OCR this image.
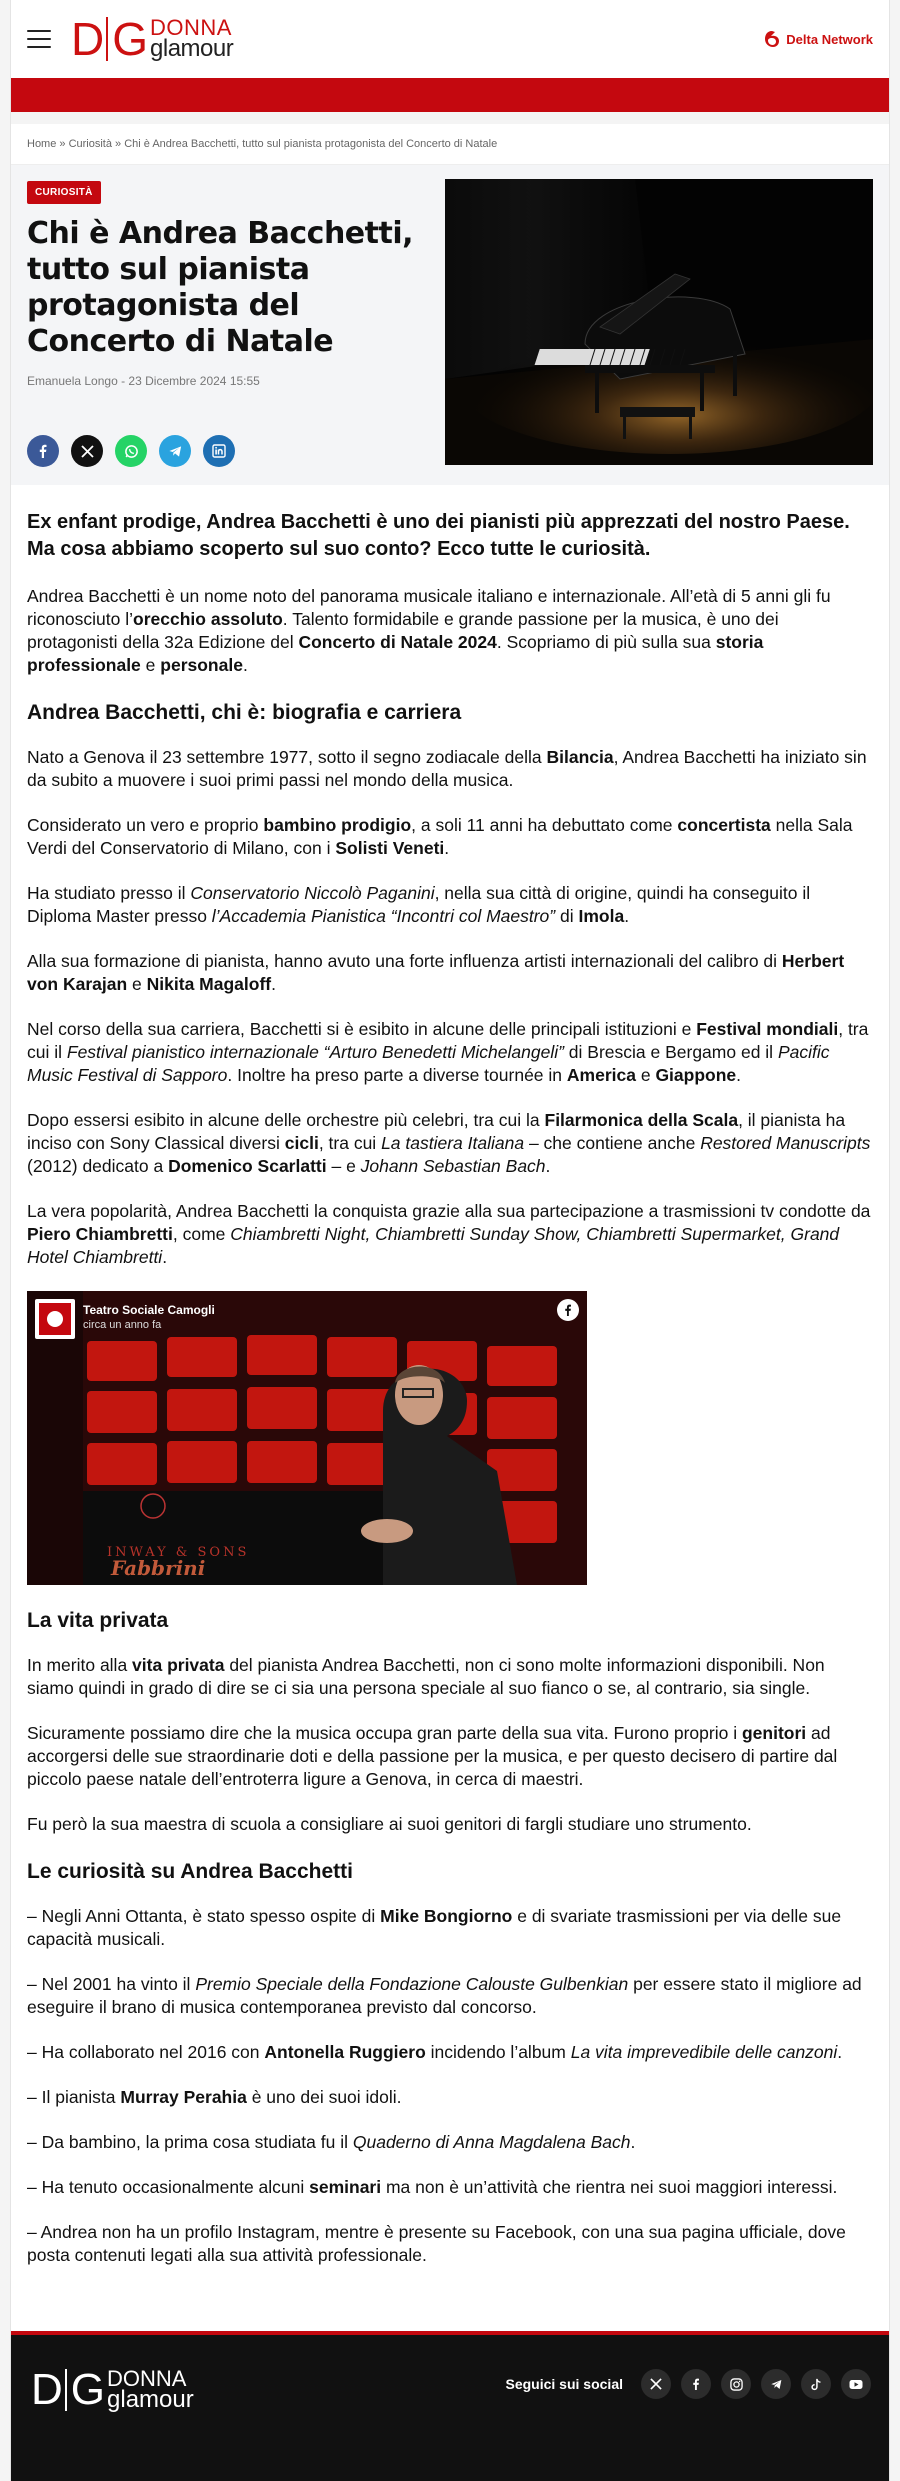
D G DONNA
glamour	Delta Network
Home » Curiosità » Chi è Andrea Bacchetti, tutto sul pianista protagonista del Concerto di Natale
CURIOSITÀ
Chi è Andrea Bacchetti, tutto sul pianista protagonista del Concerto di Natale
Emanuela Longo - 23 Dicembre 2024 15:55

Ex enfant prodige, Andrea Bacchetti è uno dei pianisti più apprezzati del nostro Paese. Ma cosa abbiamo scoperto sul suo conto? Ecco tutte le curiosità.

Andrea Bacchetti è un nome noto del panorama musicale italiano e internazionale. All’età di 5 anni gli fu riconosciuto l’orecchio assoluto. Talento formidabile e grande passione per la musica, è uno dei protagonisti della 32a Edizione del Concerto di Natale 2024. Scopriamo di più sulla sua storia professionale e personale.

Andrea Bacchetti, chi è: biografia e carriera

Nato a Genova il 23 settembre 1977, sotto il segno zodiacale della Bilancia, Andrea Bacchetti ha iniziato sin da subito a muovere i suoi primi passi nel mondo della musica.

Considerato un vero e proprio bambino prodigio, a soli 11 anni ha debuttato come concertista nella Sala Verdi del Conservatorio di Milano, con i Solisti Veneti.

Ha studiato presso il Conservatorio Niccolò Paganini, nella sua città di origine, quindi ha conseguito il Diploma Master presso l’Accademia Pianistica “Incontri col Maestro” di Imola.

Alla sua formazione di pianista, hanno avuto una forte influenza artisti internazionali del calibro di Herbert von Karajan e Nikita Magaloff.

Nel corso della sua carriera, Bacchetti si è esibito in alcune delle principali istituzioni e Festival mondiali, tra cui il Festival pianistico internazionale “Arturo Benedetti Michelangeli” di Brescia e Bergamo ed il Pacific Music Festival di Sapporo. Inoltre ha preso parte a diverse tournée in America e Giappone.

Dopo essersi esibito in alcune delle orchestre più celebri, tra cui la Filarmonica della Scala, il pianista ha inciso con Sony Classical diversi cicli, tra cui La tastiera Italiana – che contiene anche Restored Manuscripts (2012) dedicato a Domenico Scarlatti – e Johann Sebastian Bach.

La vera popolarità, Andrea Bacchetti la conquista grazie alla sua partecipazione a trasmissioni tv condotte da Piero Chiambretti, come Chiambretti Night, Chiambretti Sunday Show, Chiambretti Supermarket, Grand Hotel Chiambretti.

Teatro Sociale Camogli
circa un anno fa
INWAY & SONS
Fabbrini
La vita privata

In merito alla vita privata del pianista Andrea Bacchetti, non ci sono molte informazioni disponibili. Non siamo quindi in grado di dire se ci sia una persona speciale al suo fianco o se, al contrario, sia single.

Sicuramente possiamo dire che la musica occupa gran parte della sua vita. Furono proprio i genitori ad accorgersi delle sue straordinarie doti e della passione per la musica, e per questo decisero di partire dal piccolo paese natale dell’entroterra ligure a Genova, in cerca di maestri.

Fu però la sua maestra di scuola a consigliare ai suoi genitori di fargli studiare uno strumento.

Le curiosità su Andrea Bacchetti

– Negli Anni Ottanta, è stato spesso ospite di Mike Bongiorno e di svariate trasmissioni per via delle sue capacità musicali.

– Nel 2001 ha vinto il Premio Speciale della Fondazione Calouste Gulbenkian per essere stato il migliore ad eseguire il brano di musica contemporanea previsto dal concorso.

– Ha collaborato nel 2016 con Antonella Ruggiero incidendo l’album La vita imprevedibile delle canzoni.

– Il pianista Murray Perahia è uno dei suoi idoli.

– Da bambino, la prima cosa studiata fu il Quaderno di Anna Magdalena Bach.

– Ha tenuto occasionalmente alcuni seminari ma non è un’attività che rientra nei suoi maggiori interessi.

– Andrea non ha un profilo Instagram, mentre è presente su Facebook, con una sua pagina ufficiale, dove posta contenuti legati alla sua attività professionale.

D G DONNA
glamour
Seguici sui social
